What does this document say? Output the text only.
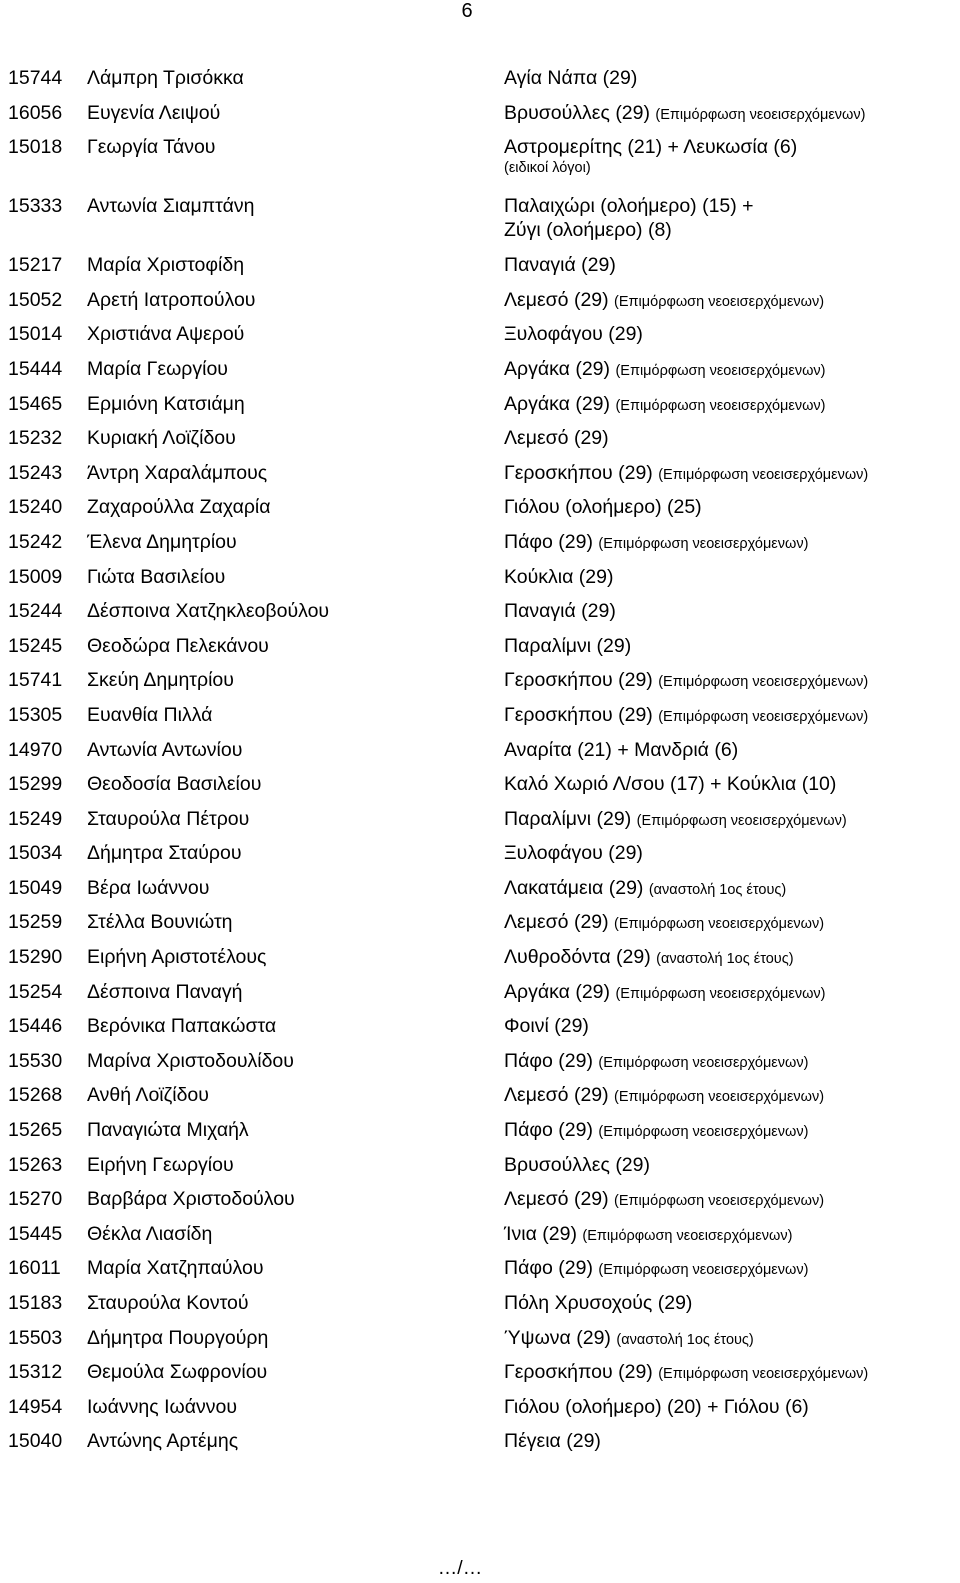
6
15744	Λάμπρη Τρισόκκα	Αγία Νάπα (29)
16056	Ευγενία Λειψού	Βρυσούλλες (29) (Επιμόρφωση νεοεισερχόμενων)
15018	Γεωργία Τάνου	Αστρομερίτης (21) + Λευκωσία (6)
(ειδικοί λόγοι)
15333	Αντωνία Σιαμπτάνη	Παλαιχώρι (ολοήμερο) (15) +
Ζύγι (ολοήμερο) (8)
15217	Μαρία Χριστοφίδη	Παναγιά (29)
15052	Αρετή Ιατροπούλου	Λεμεσό (29) (Επιμόρφωση νεοεισερχόμενων)
15014	Χριστιάνα Αψερού	Ξυλοφάγου (29)
15444	Μαρία Γεωργίου	Αργάκα (29) (Επιμόρφωση νεοεισερχόμενων)
15465	Ερμιόνη Κατσιάμη	Αργάκα (29) (Επιμόρφωση νεοεισερχόμενων)
15232	Κυριακή Λοϊζίδου	Λεμεσό (29)
15243	Άντρη Χαραλάμπους	Γεροσκήπου (29) (Επιμόρφωση νεοεισερχόμενων)
15240	Ζαχαρούλλα Ζαχαρία	Γιόλου (ολοήμερο) (25)
15242	Έλενα Δημητρίου	Πάφο (29) (Επιμόρφωση νεοεισερχόμενων)
15009	Γιώτα Βασιλείου	Κούκλια (29)
15244	Δέσποινα Χατζηκλεοβούλου	Παναγιά (29)
15245	Θεοδώρα Πελεκάνου	Παραλίμνι (29)
15741	Σκεύη Δημητρίου	Γεροσκήπου (29) (Επιμόρφωση νεοεισερχόμενων)
15305	Ευανθία Πιλλά	Γεροσκήπου (29) (Επιμόρφωση νεοεισερχόμενων)
14970	Αντωνία Αντωνίου	Αναρίτα (21) + Μανδριά (6)
15299	Θεοδοσία Βασιλείου	Καλό Χωριό Λ/σου (17) + Κούκλια (10)
15249	Σταυρούλα Πέτρου	Παραλίμνι (29) (Επιμόρφωση νεοεισερχόμενων)
15034	Δήμητρα Σταύρου	Ξυλοφάγου (29)
15049	Βέρα Ιωάννου	Λακατάμεια (29) (αναστολή 1ος έτους)
15259	Στέλλα Βουνιώτη	Λεμεσό (29) (Επιμόρφωση νεοεισερχόμενων)
15290	Ειρήνη Αριστοτέλους	Λυθροδόντα (29) (αναστολή 1ος έτους)
15254	Δέσποινα Παναγή	Αργάκα (29) (Επιμόρφωση νεοεισερχόμενων)
15446	Βερόνικα Παπακώστα	Φοινί (29)
15530	Μαρίνα Χριστοδουλίδου	Πάφο (29) (Επιμόρφωση νεοεισερχόμενων)
15268	Ανθή Λοϊζίδου	Λεμεσό (29) (Επιμόρφωση νεοεισερχόμενων)
15265	Παναγιώτα Μιχαήλ	Πάφο (29) (Επιμόρφωση νεοεισερχόμενων)
15263	Ειρήνη Γεωργίου	Βρυσούλλες (29)
15270	Βαρβάρα Χριστοδούλου	Λεμεσό (29) (Επιμόρφωση νεοεισερχόμενων)
15445	Θέκλα Λιασίδη	Ίνια (29) (Επιμόρφωση νεοεισερχόμενων)
16011	Μαρία Χατζηπαύλου	Πάφο (29) (Επιμόρφωση νεοεισερχόμενων)
15183	Σταυρούλα Κοντού	Πόλη Χρυσοχούς (29)
15503	Δήμητρα Πουργούρη	Ύψωνα (29) (αναστολή 1ος έτους)
15312	Θεμούλα Σωφρονίου	Γεροσκήπου (29) (Επιμόρφωση νεοεισερχόμενων)
14954	Ιωάννης Ιωάννου	Γιόλου (ολοήμερο) (20) + Γιόλου (6)
15040	Αντώνης Αρτέμης	Πέγεια (29)
…/…
